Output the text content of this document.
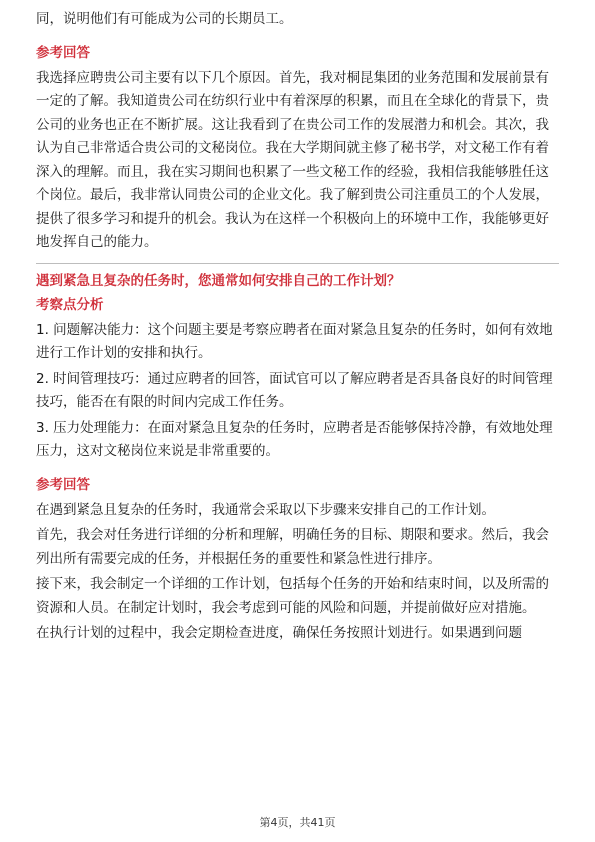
同，说明他们有可能成为公司的长期员工。

参考回答

我选择应聘贵公司主要有以下几个原因。首先，我对桐昆集团的业务范围和发展前景有一定的了解。我知道贵公司在纺织行业中有着深厚的积累，而且在全球化的背景下，贵公司的业务也正在不断扩展。这让我看到了在贵公司工作的发展潜力和机会。其次，我认为自己非常适合贵公司的文秘岗位。我在大学期间就主修了秘书学，对文秘工作有着深入的理解。而且，我在实习期间也积累了一些文秘工作的经验，我相信我能够胜任这个岗位。最后，我非常认同贵公司的企业文化。我了解到贵公司注重员工的个人发展，提供了很多学习和提升的机会。我认为在这样一个积极向上的环境中工作，我能够更好地发挥自己的能力。

遇到紧急且复杂的任务时，您通常如何安排自己的工作计划？
考察点分析

1. 问题解决能力：这个问题主要是考察应聘者在面对紧急且复杂的任务时，如何有效地进行工作计划的安排和执行。

2. 时间管理技巧：通过应聘者的回答，面试官可以了解应聘者是否具备良好的时间管理技巧，能否在有限的时间内完成工作任务。

3. 压力处理能力：在面对紧急且复杂的任务时，应聘者是否能够保持冷静，有效地处理压力，这对文秘岗位来说是非常重要的。

参考回答

在遇到紧急且复杂的任务时，我通常会采取以下步骤来安排自己的工作计划。

首先，我会对任务进行详细的分析和理解，明确任务的目标、期限和要求。然后，我会列出所有需要完成的任务，并根据任务的重要性和紧急性进行排序。

接下来，我会制定一个详细的工作计划，包括每个任务的开始和结束时间，以及所需的资源和人员。在制定计划时，我会考虑到可能的风险和问题，并提前做好应对措施。

在执行计划的过程中，我会定期检查进度，确保任务按照计划进行。如果遇到问题

第4页，共41页
